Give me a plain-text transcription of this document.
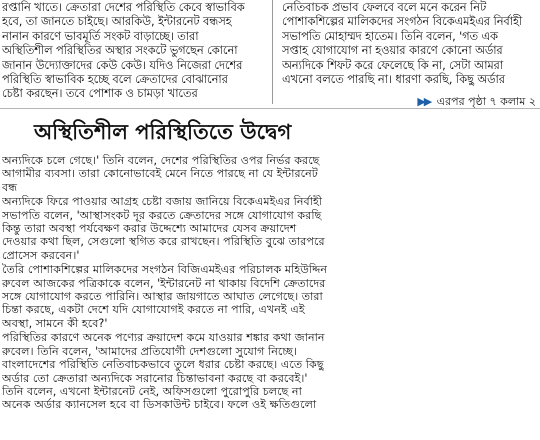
রপ্তানি খাতে। ক্রেতারা দেশের পরিস্থিতি কেবে স্বাভাবিক
হবে, তা জানতে চাইছে। আরকিউ, ইন্টারনেট বন্ধসহ
নানান কারণে ভাবমূর্তি সংকট বাড়াচ্ছে। তারা
অস্থিতিশীল পরিস্থিতির অস্থার সংকটে ভুগছেন কোনো
জানান উদ্যোক্তাদের কেউ কেউ। যদিও নিজেরা দেশের
পরিস্থিতি স্বাভাবিক হচ্ছে বলে ক্রেতাদের বোঝানোর
চেষ্টা করছেন। তবে পোশাক ও চামড়া খাতের
নেতিবাচক প্রভাব ফেলবে বলে মনে করেন নিট
পোশাকশিল্পের মালিকদের সংগঠন বিকেএমইএর নির্বাহী
সভাপতি মোহাম্মদ হাতেম। তিনি বলেন, 'গত এক
সপ্তাহ যোগাযোগ না হওয়ার কারণে কোনো অর্ডার
অন্যদিকে শিফট করে ফেলেছে কি না, সেটা আমরা
এখনো বলতে পারছি না। ধারণা করছি, কিছু অর্ডার
▶▶ এরপর পৃষ্ঠা ৭ কলাম ২
অস্থিতিশীল পরিস্থিতিতে উদ্বেগ
অন্যদিকে চলে গেছে।' তিনি বলেন, দেশের পরিস্থিতির ওপর নির্ভর করছে
আগামীর ব্যবসা। তারা কোনোভাবেই মেনে নিতে পারছে না যে ইন্টারনেট
বন্ধ
অন্যদিকে ফিরে পাওয়ার আগ্রহ চেষ্টা বজায় জানিয়ে বিকেএমইএর নির্বাহী
সভাপতি বলেন, 'আস্থাসংকট দূর করতে ক্রেতাদের সঙ্গে যোগাযোগ করছি
কিন্তু তারা অবস্থা পর্যবেক্ষণ করার উদ্দেশ্যে আমাদের যেসব ক্রয়াদেশ
দেওয়ার কথা ছিল, সেগুলো স্থগিত করে রাখছেন। পরিস্থিতি বুঝে তারপরে
প্রোসেস করবেন।'
তৈরি পোশাকশিল্পের মালিকদের সংগঠন বিজিএমইএর পরিচালক মহিউদ্দিন
রুবেল আজকের পত্রিকাকে বলেন, 'ইন্টারনেট না থাকায় বিদেশি ক্রেতাদের
সঙ্গে যোগাযোগ করতে পারিনি। আস্থার জায়গাতে আঘাত লেগেছে। তারা
চিন্তা করছে, একটা দেশে যদি যোগাযোগই করতে না পারি, এখনই এই
অবস্থা, সামনে কী হবে?'
পরিস্থিতির কারণে অনেক পণ্যের ক্রয়াদেশ কমে যাওয়ার শঙ্কার কথা জানান
রুবেল। তিনি বলেন, 'আমাদের প্রতিযোগী দেশগুলো সুযোগ নিচ্ছে।
বাংলাদেশের পরিস্থিতি নেতিবাচকভাবে তুলে ধরার চেষ্টা করছে। এতে কিছু
অর্ডার তো ক্রেতারা অন্যদিকে সরানোর চিন্তাভাবনা করছে বা করবেই।'
তিনি বলেন, এখনো ইন্টারনেট নেই, অফিসগুলো পুরোপুরি চলছে না
অনেক অর্ডার ক্যানসেল হবে বা ডিসকাউন্ট চাইবে। ফলে ওই ক্ষতিগুলো
